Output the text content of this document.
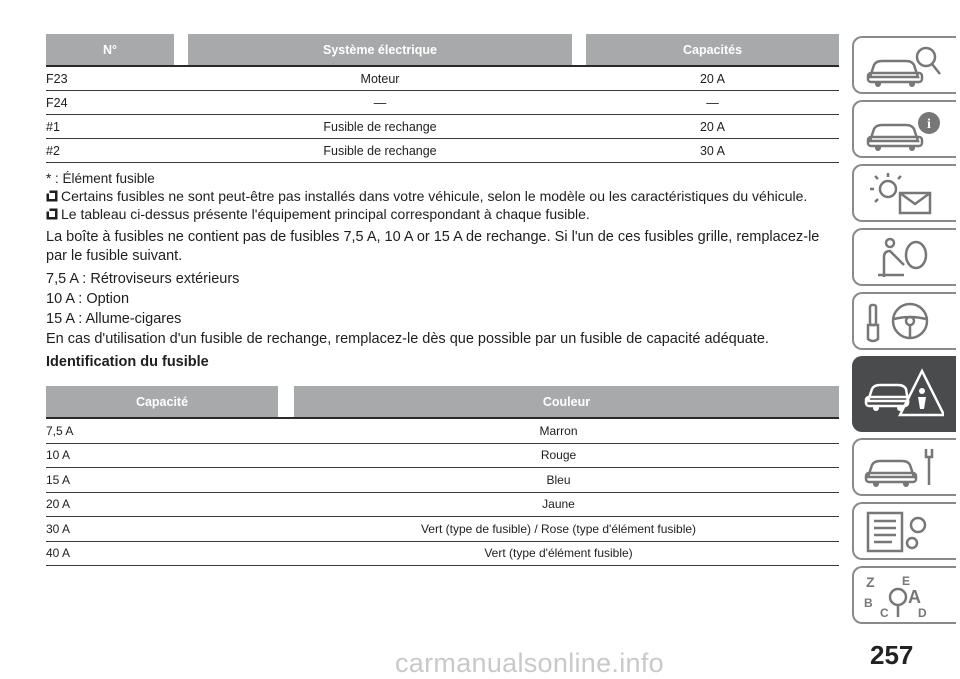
N°		Système électrique		Capacités
F23	Moteur			20 A
F24	—			—
#1	Fusible de rechange			20 A
#2	Fusible de rechange			30 A

* : Élément fusible

Certains fusibles ne sont peut-être pas installés dans votre véhicule, selon le modèle ou les caractéristiques du véhicule.
Le tableau ci-dessus présente l'équipement principal correspondant à chaque fusible.

La boîte à fusibles ne contient pas de fusibles 7,5 A, 10 A or 15 A de rechange. Si l'un de ces fusibles grille, remplacez-le par le fusible suivant.

7,5 A : Rétroviseurs extérieurs

10 A : Option

15 A : Allume-cigares

En cas d'utilisation d'un fusible de rechange, remplacez-le dès que possible par un fusible de capacité adéquate.

Identification du fusible

Capacité		Couleur
7,5 A	Marron	
10 A	Rouge	
15 A	Bleu	
20 A	Jaune	
30 A	Vert (type de fusible) / Rose (type d'élément fusible)	
40 A	Vert (type d'élément fusible)	
i
Z E
B A
C D
257
carmanualsonline.info
